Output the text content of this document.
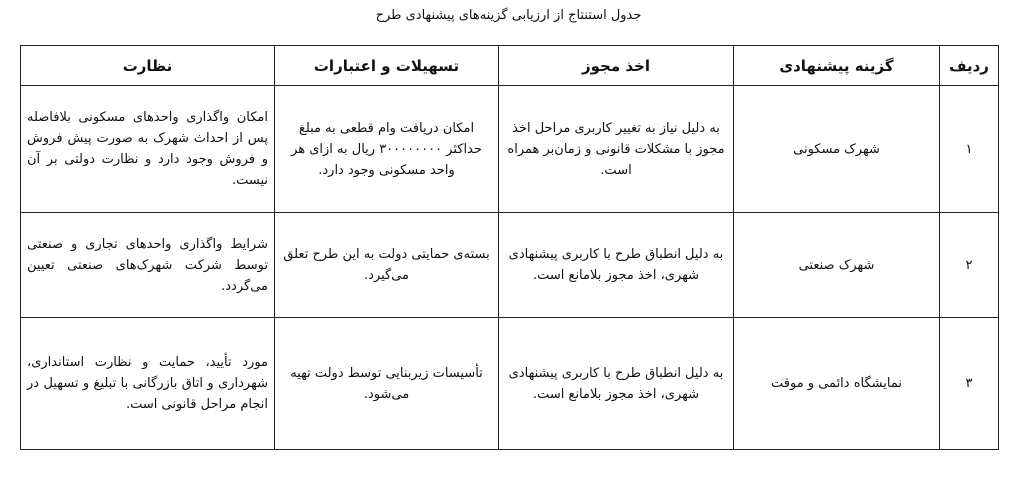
جدول استنتاج از ارزیابی گزینه‌های پیشنهادی طرح
ردیف	گزینه پیشنهادی	اخذ مجوز	تسهیلات و اعتبارات	نظارت
۱	شهرک مسکونی	به دلیل نیاز به تغییر کاربری مراحل اخذ مجوز با مشکلات قانونی و زمان‌بر همراه است.	امکان دریافت وام قطعی به مبلغ حداکثر ۳۰۰۰۰۰۰۰۰ ریال به ازای هر واحد مسکونی وجود دارد.	امکان واگذاری واحدهای مسکونی بلافاصله پس از احداث شهرک به صورت پیش فروش و فروش وجود دارد و نظارت دولتی بر آن نیست.
۲	شهرک صنعتی	به دلیل انطباق طرح با کاربری پیشنهادی شهری، اخذ مجوز بلامانع است.	بسته‌ی حمایتی دولت به این طرح تعلق می‌گیرد.	شرایط واگذاری واحدهای تجاری و صنعتی توسط شرکت شهرک‌های صنعتی تعیین می‌گردد.
۳	نمایشگاه دائمی و موقت	به دلیل انطباق طرح با کاربری پیشنهادی شهری، اخذ مجوز بلامانع است.	تأسیسات زیربنایی توسط دولت تهیه می‌شود.	مورد تأیید، حمایت و نظارت استانداری، شهرداری و اتاق بازرگانی با تبلیغ و تسهیل در انجام مراحل قانونی است.
